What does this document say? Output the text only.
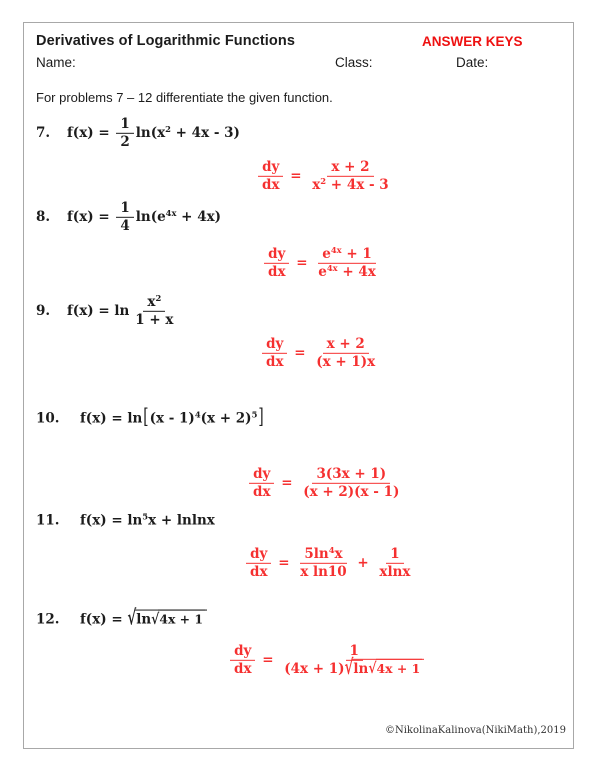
Derivatives of Logarithmic Functions	ANSWER KEYS
Name:	Class:	Date:
For problems 7 – 12 differentiate the given function.
7. $f(x) = \frac{1}{2} \ln(x^2 + 4x - 3)$
$\frac{dy}{dx} = \frac{x + 2}{x^2 + 4x - 3}$
8. $f(x) = \frac{1}{4} \ln(e^{4x} + 4x)$
$\frac{dy}{dx} = \frac{e^{4x} + 1}{e^{4x} + 4x}$
9. $f(x) = \ln \frac{x^2}{1 + x}$
$\frac{dy}{dx} = \frac{x + 2}{(x + 1)x}$
10. $f(x) = \ln[(x - 1)^4(x + 2)^5]$
$\frac{dy}{dx} = \frac{3(3x + 1)}{(x + 2)(x - 1)}$
11. $f(x) = \ln^5x + lnlnx$
$\frac{dy}{dx} = \frac{5\ln^4x}{\text{x ln10}} + \frac{1}{xlnx}$
12. f(x) = √ln√4x + 1
$\frac{dy}{dx} = \frac{1}{(4x + 1)√\ln√4x + 1}$
©NikolinaKalinova(NikiMath),2019
